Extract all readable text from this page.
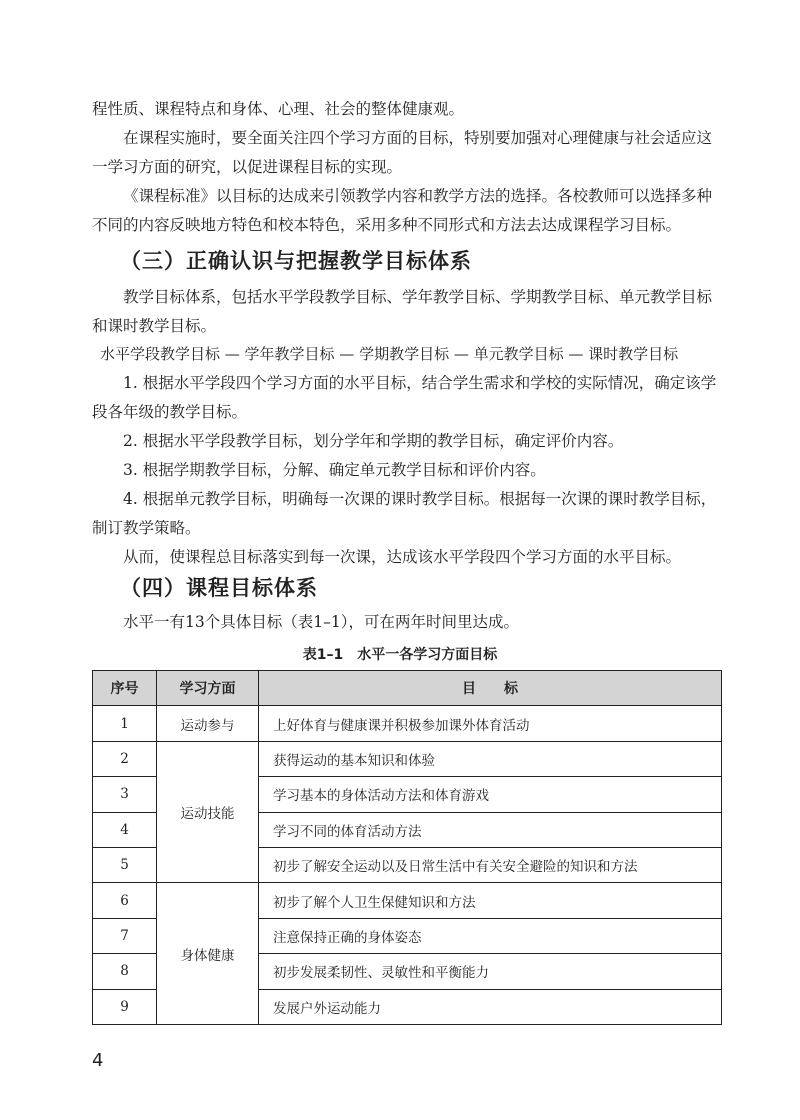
程性质、课程特点和身体、心理、社会的整体健康观。

在课程实施时，要全面关注四个学习方面的目标，特别要加强对心理健康与社会适应这一学习方面的研究，以促进课程目标的实现。

《课程标准》以目标的达成来引领教学内容和教学方法的选择。各校教师可以选择多种不同的内容反映地方特色和校本特色，采用多种不同形式和方法去达成课程学习目标。

（三）正确认识与把握教学目标体系

教学目标体系，包括水平学段教学目标、学年教学目标、学期教学目标、单元教学目标和课时教学目标。

水平学段教学目标 — 学年教学目标 — 学期教学目标 — 单元教学目标 — 课时教学目标

1. 根据水平学段四个学习方面的水平目标，结合学生需求和学校的实际情况，确定该学段各年级的教学目标。

2. 根据水平学段教学目标，划分学年和学期的教学目标，确定评价内容。

3. 根据学期教学目标，分解、确定单元教学目标和评价内容。

4. 根据单元教学目标，明确每一次课的课时教学目标。根据每一次课的课时教学目标，制订教学策略。

从而，使课程总目标落实到每一次课，达成该水平学段四个学习方面的水平目标。

（四）课程目标体系

水平一有13个具体目标（表1–1），可在两年时间里达成。

表1–1　水平一各学习方面目标

序号	学习方面	目　　标
1	运动参与	上好体育与健康课并积极参加课外体育活动
2	运动技能	获得运动的基本知识和体验
3		学习基本的身体活动方法和体育游戏
4		学习不同的体育活动方法
5		初步了解安全运动以及日常生活中有关安全避险的知识和方法
6	身体健康	初步了解个人卫生保健知识和方法
7		注意保持正确的身体姿态
8		初步发展柔韧性、灵敏性和平衡能力
9		发展户外运动能力
4
